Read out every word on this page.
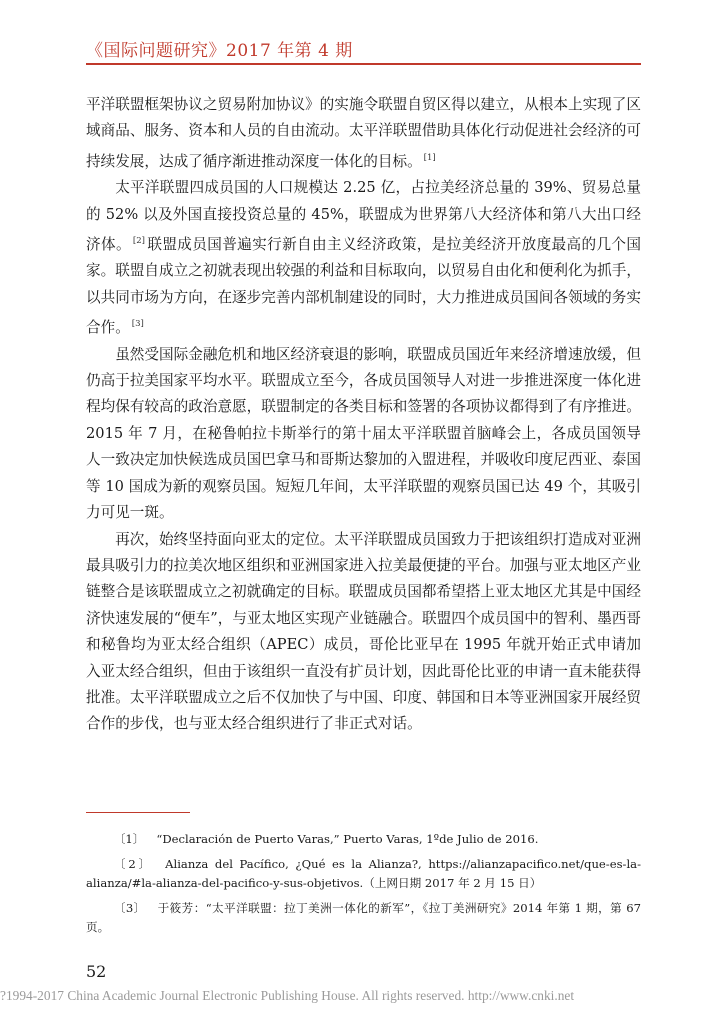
《国际问题研究》2017 年第 4 期

平洋联盟框架协议之贸易附加协议》的实施令联盟自贸区得以建立，从根本上实现了区域商品、服务、资本和人员的自由流动。太平洋联盟借助具体化行动促进社会经济的可持续发展，达成了循序渐进推动深度一体化的目标。 [1]

太平洋联盟四成员国的人口规模达 2.25 亿，占拉美经济总量的 39%、贸易总量的 52% 以及外国直接投资总量的 45%，联盟成为世界第八大经济体和第八大出口经济体。 [2] 联盟成员国普遍实行新自由主义经济政策，是拉美经济开放度最高的几个国家。联盟自成立之初就表现出较强的利益和目标取向，以贸易自由化和便利化为抓手，以共同市场为方向，在逐步完善内部机制建设的同时，大力推进成员国间各领域的务实合作。 [3]

虽然受国际金融危机和地区经济衰退的影响，联盟成员国近年来经济增速放缓，但仍高于拉美国家平均水平。联盟成立至今，各成员国领导人对进一步推进深度一体化进程均保有较高的政治意愿，联盟制定的各类目标和签署的各项协议都得到了有序推进。2015 年 7 月，在秘鲁帕拉卡斯举行的第十届太平洋联盟首脑峰会上，各成员国领导人一致决定加快候选成员国巴拿马和哥斯达黎加的入盟进程，并吸收印度尼西亚、泰国等 10 国成为新的观察员国。短短几年间，太平洋联盟的观察员国已达 49 个，其吸引力可见一斑。

再次，始终坚持面向亚太的定位。太平洋联盟成员国致力于把该组织打造成对亚洲最具吸引力的拉美次地区组织和亚洲国家进入拉美最便捷的平台。加强与亚太地区产业链整合是该联盟成立之初就确定的目标。联盟成员国都希望搭上亚太地区尤其是中国经济快速发展的“便车”，与亚太地区实现产业链融合。联盟四个成员国中的智利、墨西哥和秘鲁均为亚太经合组织（APEC）成员，哥伦比亚早在 1995 年就开始正式申请加入亚太经合组织，但由于该组织一直没有扩员计划，因此哥伦比亚的申请一直未能获得批准。太平洋联盟成立之后不仅加快了与中国、印度、韩国和日本等亚洲国家开展经贸合作的步伐，也与亚太经合组织进行了非正式对话。

〔1〕 “Declaración de Puerto Varas,” Puerto Varas, 1ºde Julio de 2016.

〔2〕 Alianza del Pacífico, ¿Qué es la Alianza?, https://alianzapacifico.net/que-es-la-alianza/#la-alianza-del-pacifico-y-sus-objetivos.（上网日期 2017 年 2 月 15 日）

〔3〕 于筱芳：“太平洋联盟：拉丁美洲一体化的新军”，《拉丁美洲研究》2014 年第 1 期，第 67 页。

52
?1994-2017 China Academic Journal Electronic Publishing House. All rights reserved. http://www.cnki.net
